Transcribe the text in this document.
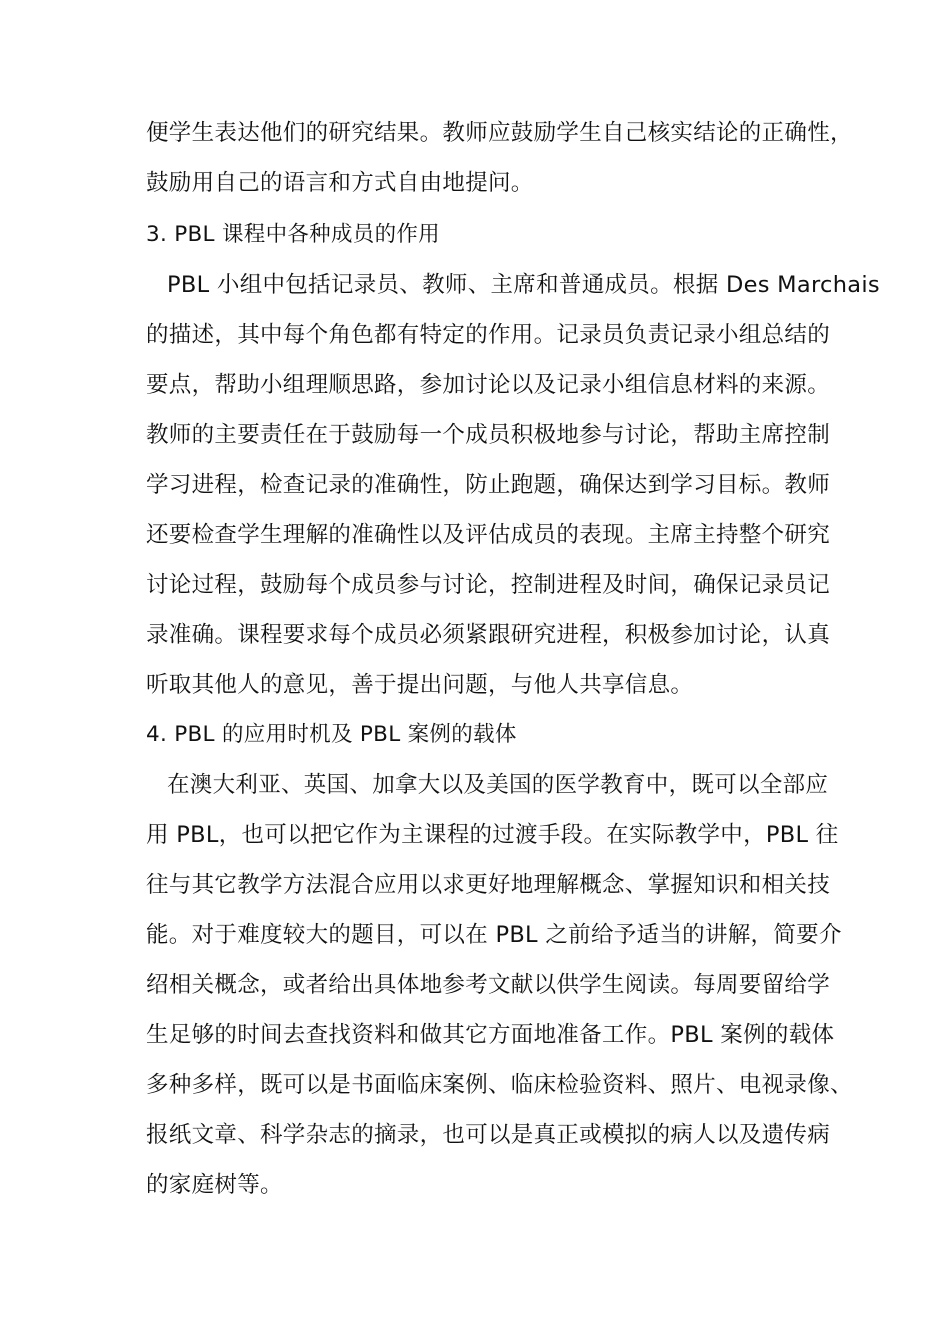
便学生表达他们的研究结果。教师应鼓励学生自己核实结论的正确性，
鼓励用自己的语言和方式自由地提问。
3. PBL 课程中各种成员的作用
PBL 小组中包括记录员、教师、主席和普通成员。根据 Des Marchais
的描述，其中每个角色都有特定的作用。记录员负责记录小组总结的
要点，帮助小组理顺思路，参加讨论以及记录小组信息材料的来源。
教师的主要责任在于鼓励每一个成员积极地参与讨论，帮助主席控制
学习进程，检查记录的准确性，防止跑题，确保达到学习目标。教师
还要检查学生理解的准确性以及评估成员的表现。主席主持整个研究
讨论过程，鼓励每个成员参与讨论，控制进程及时间，确保记录员记
录准确。课程要求每个成员必须紧跟研究进程，积极参加讨论，认真
听取其他人的意见，善于提出问题，与他人共享信息。
4. PBL 的应用时机及 PBL 案例的载体
在澳大利亚、英国、加拿大以及美国的医学教育中，既可以全部应
用 PBL，也可以把它作为主课程的过渡手段。在实际教学中，PBL 往
往与其它教学方法混合应用以求更好地理解概念、掌握知识和相关技
能。对于难度较大的题目，可以在 PBL 之前给予适当的讲解，简要介
绍相关概念，或者给出具体地参考文献以供学生阅读。每周要留给学
生足够的时间去查找资料和做其它方面地准备工作。PBL 案例的载体
多种多样，既可以是书面临床案例、临床检验资料、照片、电视录像、
报纸文章、科学杂志的摘录，也可以是真正或模拟的病人以及遗传病
的家庭树等。
